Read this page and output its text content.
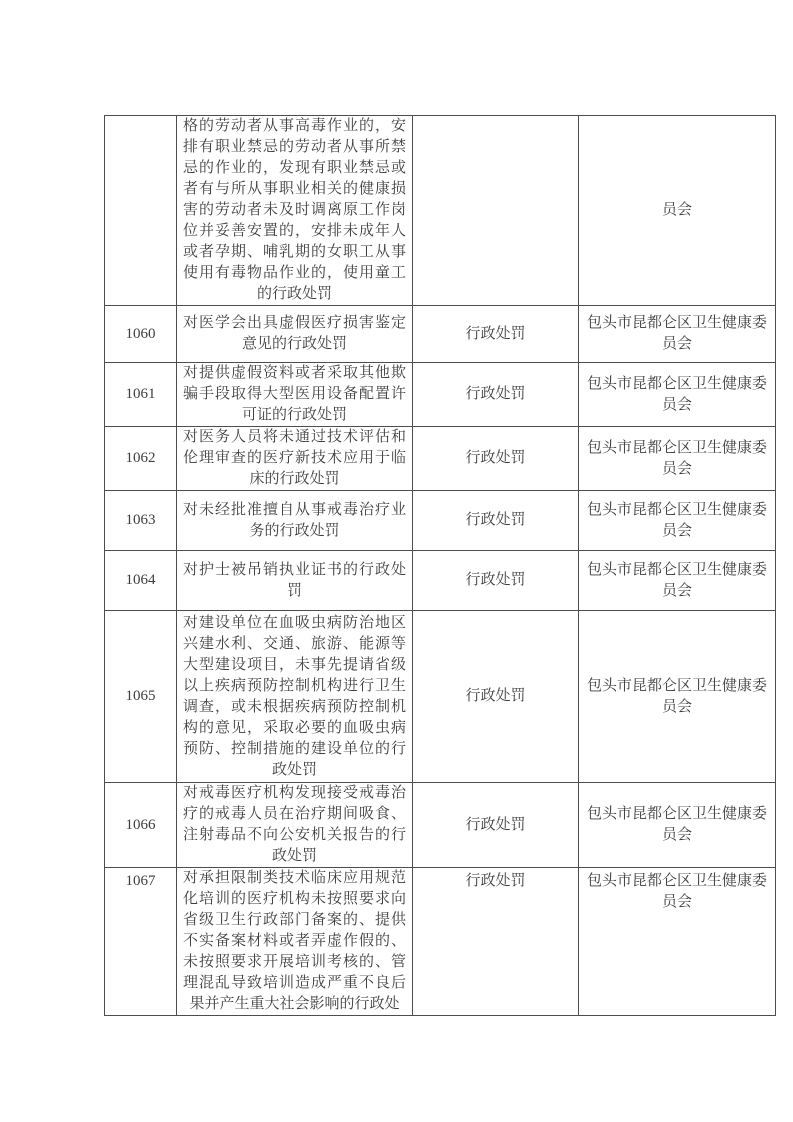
	格的劳动者从事高毒作业的，安排有职业禁忌的劳动者从事所禁忌的作业的，发现有职业禁忌或者有与所从事职业相关的健康损害的劳动者未及时调离原工作岗位并妥善安置的，安排未成年人或者孕期、哺乳期的女职工从事使用有毒物品作业的，使用童工的行政处罚		员会
1060	对医学会出具虚假医疗损害鉴定意见的行政处罚	行政处罚	包头市昆都仑区卫生健康委员会
1061	对提供虚假资料或者采取其他欺骗手段取得大型医用设备配置许可证的行政处罚	行政处罚	包头市昆都仑区卫生健康委员会
1062	对医务人员将未通过技术评估和伦理审查的医疗新技术应用于临床的行政处罚	行政处罚	包头市昆都仑区卫生健康委员会
1063	对未经批准擅自从事戒毒治疗业务的行政处罚	行政处罚	包头市昆都仑区卫生健康委员会
1064	对护士被吊销执业证书的行政处罚	行政处罚	包头市昆都仑区卫生健康委员会
1065	对建设单位在血吸虫病防治地区兴建水利、交通、旅游、能源等大型建设项目，未事先提请省级以上疾病预防控制机构进行卫生调查，或未根据疾病预防控制机构的意见，采取必要的血吸虫病预防、控制措施的建设单位的行政处罚	行政处罚	包头市昆都仑区卫生健康委员会
1066	对戒毒医疗机构发现接受戒毒治疗的戒毒人员在治疗期间吸食、注射毒品不向公安机关报告的行政处罚	行政处罚	包头市昆都仑区卫生健康委员会
1067	对承担限制类技术临床应用规范化培训的医疗机构未按照要求向省级卫生行政部门备案的、提供不实备案材料或者弄虚作假的、未按照要求开展培训考核的、管理混乱导致培训造成严重不良后果并产生重大社会影响的行政处	行政处罚	包头市昆都仑区卫生健康委员会
